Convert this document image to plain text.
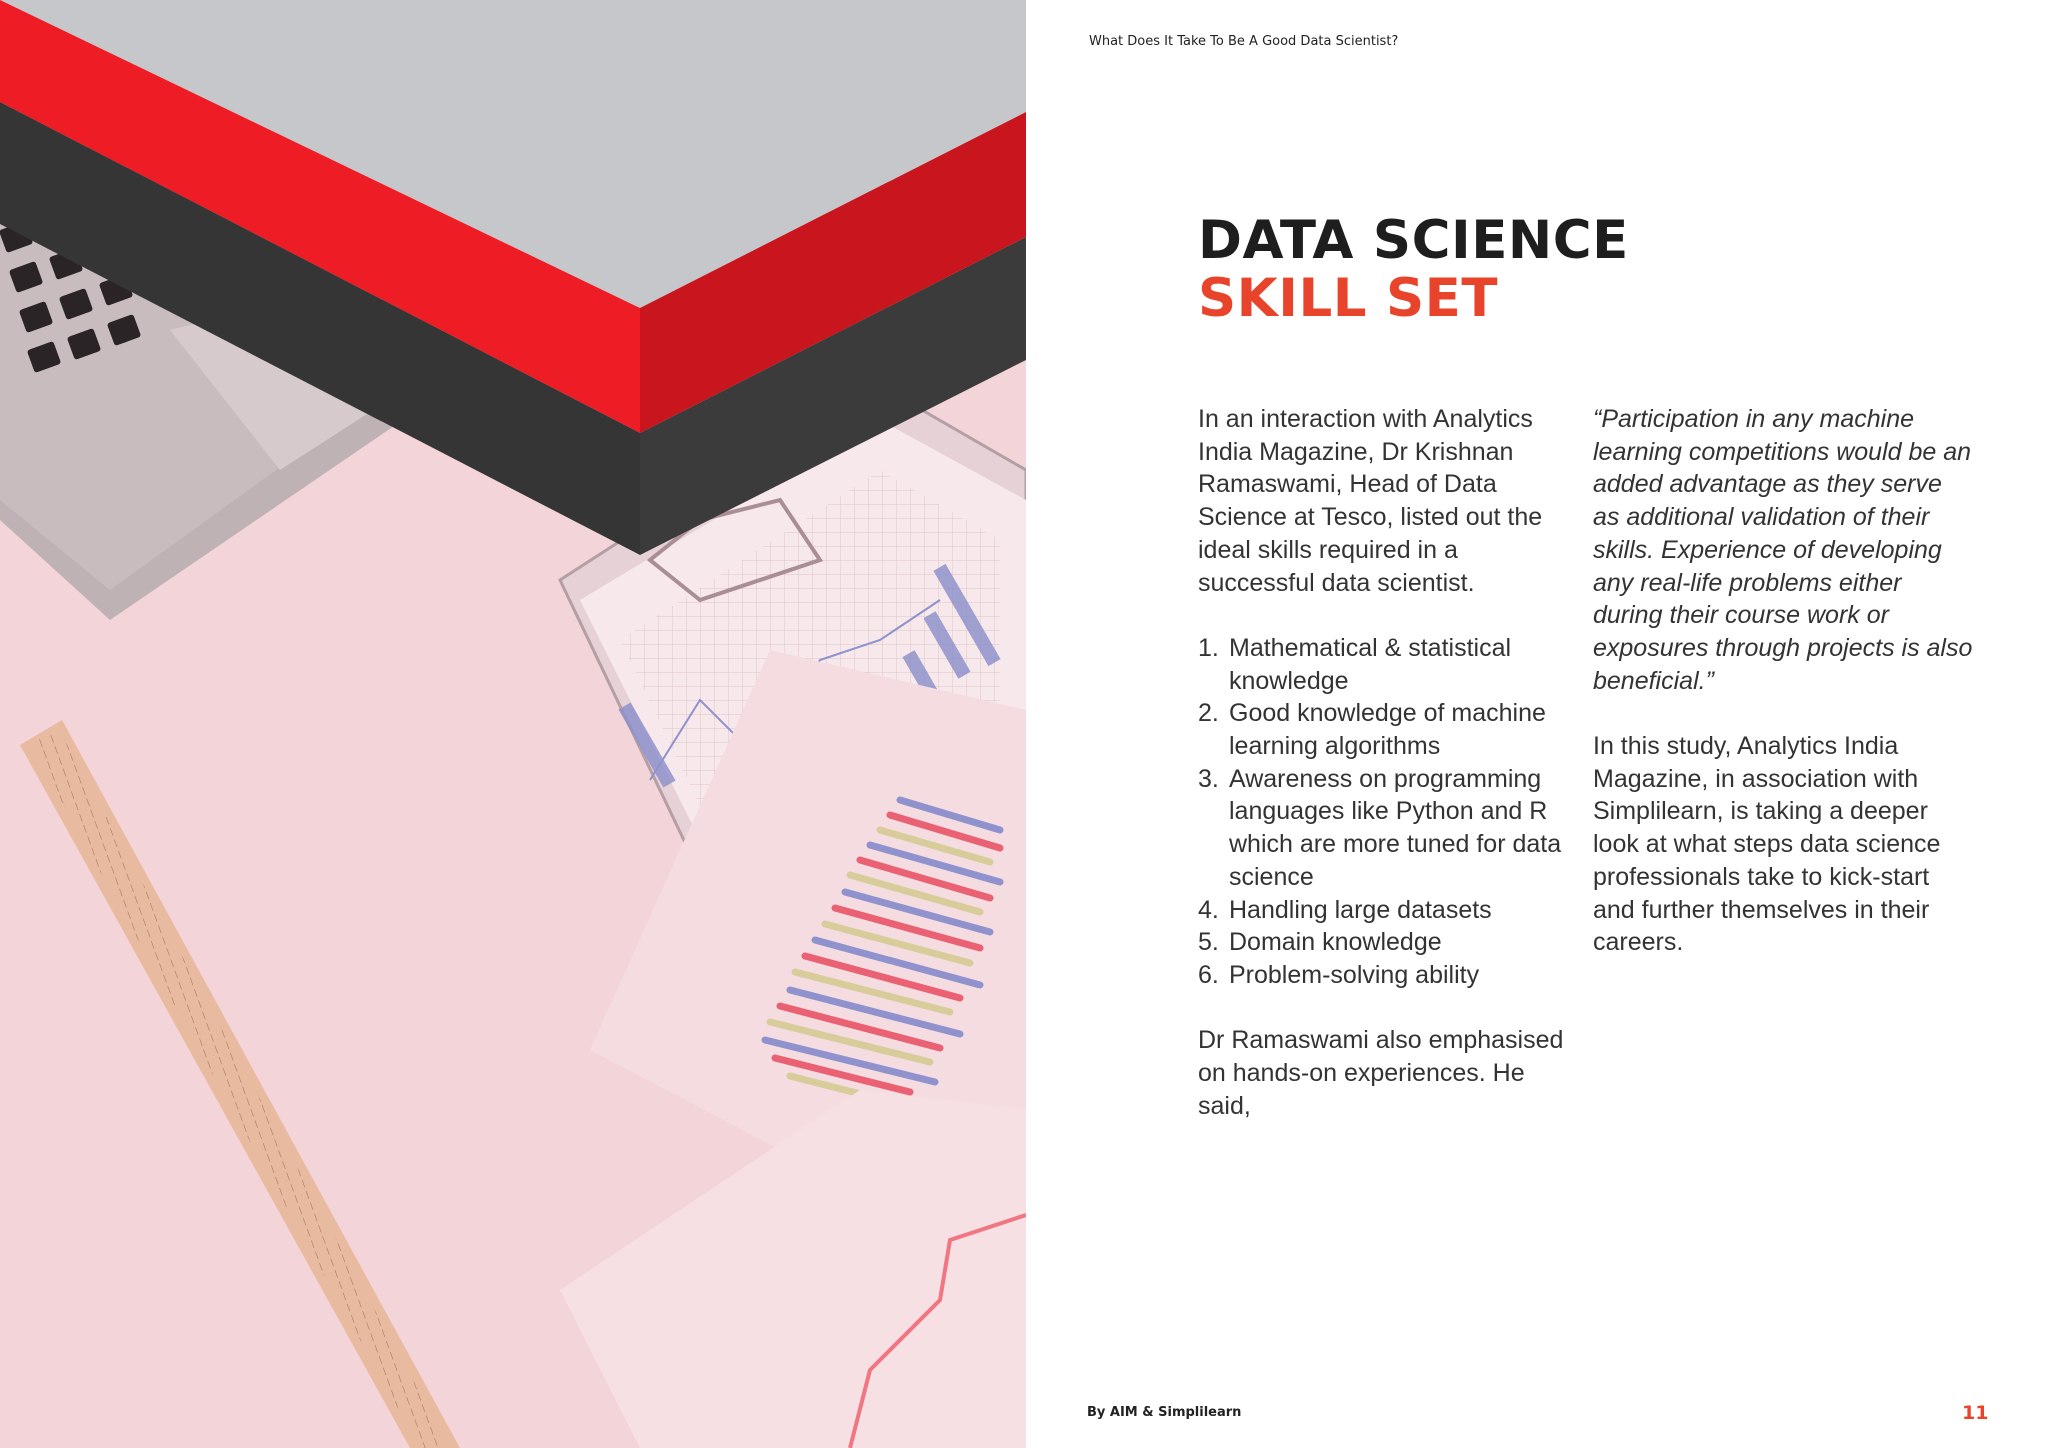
What Does It Take To Be A Good Data Scientist?
DATA SCIENCE
SKILL SET

In an interaction with Analytics India Magazine, Dr Krishnan Ramaswami, Head of Data Science at Tesco, listed out the ideal skills required in a successful data scientist.

1. Mathematical & statistical knowledge
2. Good knowledge of machine learning algorithms
3. Awareness on programming languages like Python and R which are more tuned for data science
4. Handling large datasets
5. Domain knowledge
6. Problem-solving ability

Dr Ramaswami also emphasised on hands-on experiences. He said,

“Participation in any machine learning competitions would be an added advantage as they serve as additional validation of their skills. Experience of developing any real-life problems either during their course work or exposures through projects is also beneficial.”

In this study, Analytics India Magazine, in association with Simplilearn, is taking a deeper look at what steps data science professionals take to kick-start and further themselves in their careers.

By AIM & Simplilearn	11
